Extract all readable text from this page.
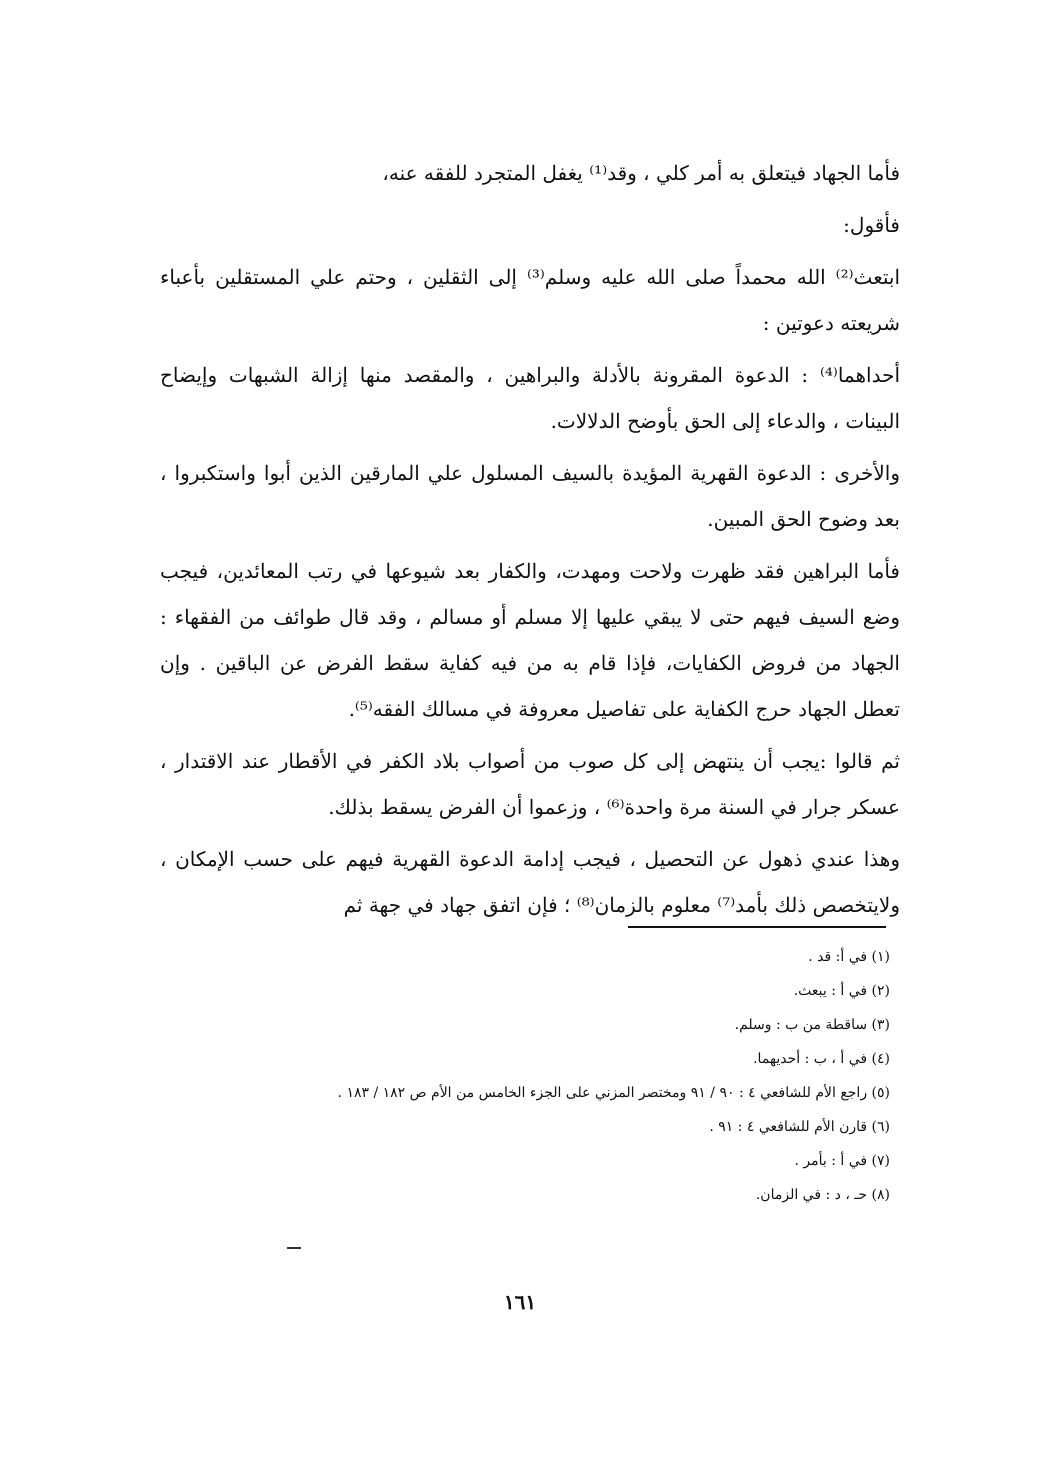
فأما الجهاد فيتعلق به أمر كلي ، وقد⁽¹⁾ يغفل المتجرد للفقه عنه،

فأقول:

ابتعث⁽²⁾ الله محمداً صلى الله عليه وسلم⁽³⁾ إلى الثقلين ، وحتم علي المستقلين بأعباء شريعته دعوتين :

أحداهما⁽⁴⁾ : الدعوة المقرونة بالأدلة والبراهين ، والمقصد منها إزالة الشبهات وإيضاح البينات ، والدعاء إلى الحق بأوضح الدلالات.

والأخرى : الدعوة القهرية المؤيدة بالسيف المسلول علي المارقين الذين أبوا واستكبروا ، بعد وضوح الحق المبين.

فأما البراهين فقد ظهرت ولاحت ومهدت، والكفار بعد شيوعها في رتب المعائدين، فيجب وضع السيف فيهم حتى لا يبقي عليها إلا مسلم أو مسالم ، وقد قال طوائف من الفقهاء : الجهاد من فروض الكفايات، فإذا قام به من فيه كفاية سقط الفرض عن الباقين . وإن تعطل الجهاد حرج الكفاية على تفاصيل معروفة في مسالك الفقه⁽⁵⁾.

ثم قالوا :يجب أن ينتهض إلى كل صوب من أصواب بلاد الكفر في الأقطار عند الاقتدار ، عسكر جرار في السنة مرة واحدة⁽⁶⁾ ، وزعموا أن الفرض يسقط بذلك.

وهذا عندي ذهول عن التحصيل ، فيجب إدامة الدعوة القهرية فيهم على حسب الإمكان ، ولايتخصص ذلك بأمد⁽⁷⁾ معلوم بالزمان⁽⁸⁾ ؛ فإن اتفق جهاد في جهة ثم

(١) في أ: قد .
(٢) في أ : يبعث.
(٣) ساقطة من ب : وسلم.
(٤) في أ ، ب : أحديهما.
(٥) راجع الأم للشافعي ٤ : ٩٠ / ٩١ ومختصر المزني على الجزء الخامس من الأم ص ١٨٢ / ١٨٣ .
(٦) قارن الأم للشافعي ٤ : ٩١ .
(٧) في أ : بأمر .
(٨) حـ ، د : في الزمان.
١٦١
